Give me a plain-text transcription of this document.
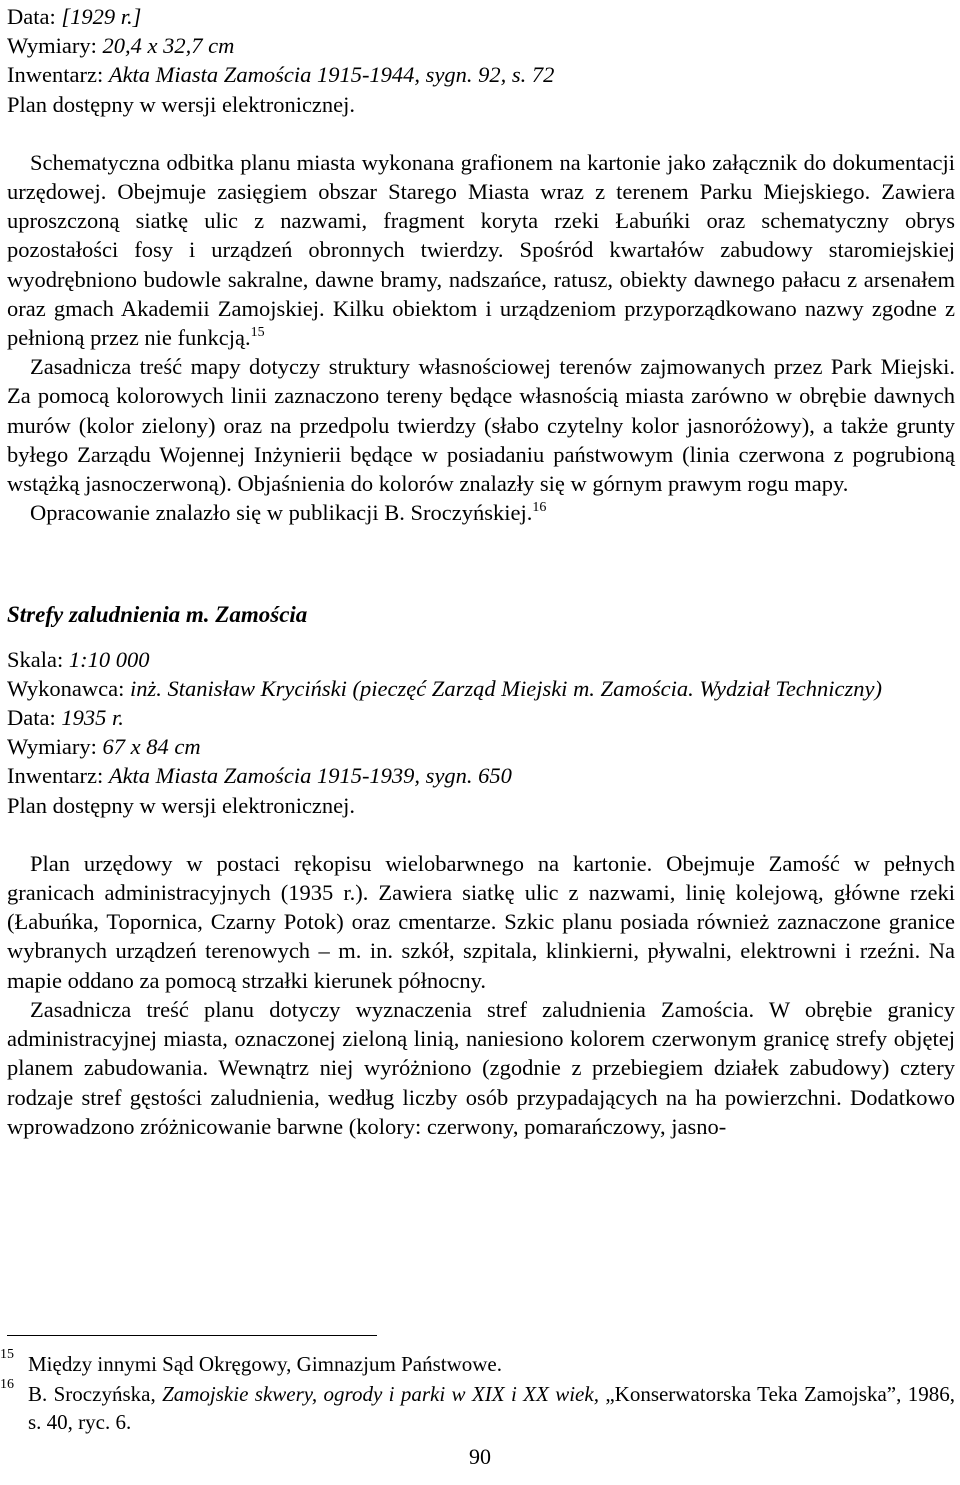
Data: [1929 r.]
Wymiary: 20,4 x 32,7 cm
Inwentarz: Akta Miasta Zamościa 1915-1944, sygn. 92, s. 72
Plan dostępny w wersji elektronicznej.

Schematyczna odbitka planu miasta wykonana grafionem na kartonie jako załącznik do dokumentacji urzędowej. Obejmuje zasięgiem obszar Starego Miasta wraz z terenem Parku Miejskiego. Zawiera uproszczoną siatkę ulic z nazwami, fragment koryta rzeki Łabuńki oraz schematyczny obrys pozostałości fosy i urządzeń obronnych twierdzy. Spośród kwartałów zabudowy staromiejskiej wyodrębniono budowle sakralne, dawne bramy, nadszańce, ratusz, obiekty dawnego pałacu z arsenałem oraz gmach Akademii Zamojskiej. Kilku obiektom i urządzeniom przyporządkowano nazwy zgodne z pełnioną przez nie funkcją.$^{15}$

Zasadnicza treść mapy dotyczy struktury własnościowej terenów zajmowanych przez Park Miejski. Za pomocą kolorowych linii zaznaczono tereny będące własnością miasta zarówno w obrębie dawnych murów (kolor zielony) oraz na przedpolu twierdzy (słabo czytelny kolor jasnoróżowy), a także grunty byłego Zarządu Wojennej Inżynierii będące w posiadaniu państwowym (linia czerwona z pogrubioną wstążką jasnoczerwoną). Objaśnienia do kolorów znalazły się w górnym prawym rogu mapy.

Opracowanie znalazło się w publikacji B. Sroczyńskiej.$^{16}$

Strefy zaludnienia m. Zamościa
Skala: 1:10 000
Wykonawca: inż. Stanisław Kryciński (pieczęć Zarząd Miejski m. Zamościa. Wydział Techniczny)
Data: 1935 r.
Wymiary: 67 x 84 cm
Inwentarz: Akta Miasta Zamościa 1915-1939, sygn. 650
Plan dostępny w wersji elektronicznej.

Plan urzędowy w postaci rękopisu wielobarwnego na kartonie. Obejmuje Zamość w pełnych granicach administracyjnych (1935 r.). Zawiera siatkę ulic z nazwami, linię kolejową, główne rzeki (Łabuńka, Topornica, Czarny Potok) oraz cmentarze. Szkic planu posiada również zaznaczone granice wybranych urządzeń terenowych – m. in. szkół, szpitala, klinkierni, pływalni, elektrowni i rzeźni. Na mapie oddano za pomocą strzałki kierunek północny.

Zasadnicza treść planu dotyczy wyznaczenia stref zaludnienia Zamościa. W obrębie granicy administracyjnej miasta, oznaczonej zieloną linią, naniesiono kolorem czerwonym granicę strefy objętej planem zabudowania. Wewnątrz niej wyróżniono (zgodnie z przebiegiem działek zabudowy) cztery rodzaje stref gęstości zaludnienia, według liczby osób przypadających na ha powierzchni. Dodatkowo wprowadzono zróżnicowanie barwne (kolory: czerwony, pomarańczowy, jasno-

15 Między innymi Sąd Okręgowy, Gimnazjum Państwowe.
16 B. Sroczyńska, Zamojskie skwery, ogrody i parki w XIX i XX wiek, „Konserwatorska Teka Zamojska”, 1986, s. 40, ryc. 6.
90
